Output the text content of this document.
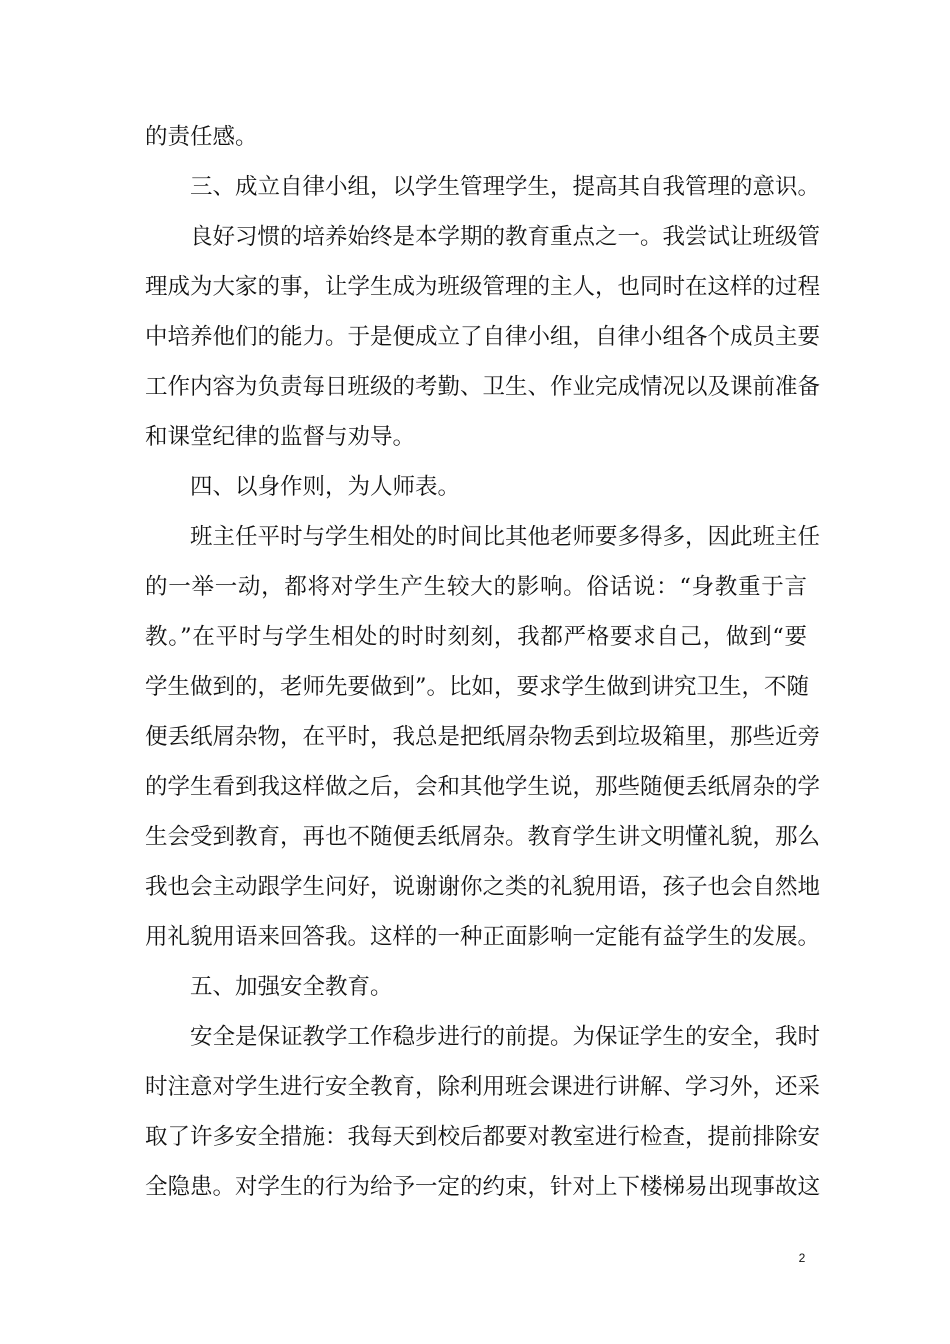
的责任感。
三、成立自律小组，以学生管理学生，提高其自我管理的意识。
良好习惯的培养始终是本学期的教育重点之一。我尝试让班级管
理成为大家的事，让学生成为班级管理的主人，也同时在这样的过程
中培养他们的能力。于是便成立了自律小组，自律小组各个成员主要
工作内容为负责每日班级的考勤、卫生、作业完成情况以及课前准备
和课堂纪律的监督与劝导。
四、以身作则，为人师表。
班主任平时与学生相处的时间比其他老师要多得多，因此班主任
的一举一动，都将对学生产生较大的影响。俗话说：“身教重于言
教。”在平时与学生相处的时时刻刻，我都严格要求自己，做到“要
学生做到的，老师先要做到”。比如，要求学生做到讲究卫生，不随
便丢纸屑杂物，在平时，我总是把纸屑杂物丢到垃圾箱里，那些近旁
的学生看到我这样做之后，会和其他学生说，那些随便丢纸屑杂的学
生会受到教育，再也不随便丢纸屑杂。教育学生讲文明懂礼貌，那么
我也会主动跟学生问好，说谢谢你之类的礼貌用语，孩子也会自然地
用礼貌用语来回答我。这样的一种正面影响一定能有益学生的发展。
五、加强安全教育。
安全是保证教学工作稳步进行的前提。为保证学生的安全，我时
时注意对学生进行安全教育，除利用班会课进行讲解、学习外，还采
取了许多安全措施：我每天到校后都要对教室进行检查，提前排除安
全隐患。对学生的行为给予一定的约束，针对上下楼梯易出现事故这
2
